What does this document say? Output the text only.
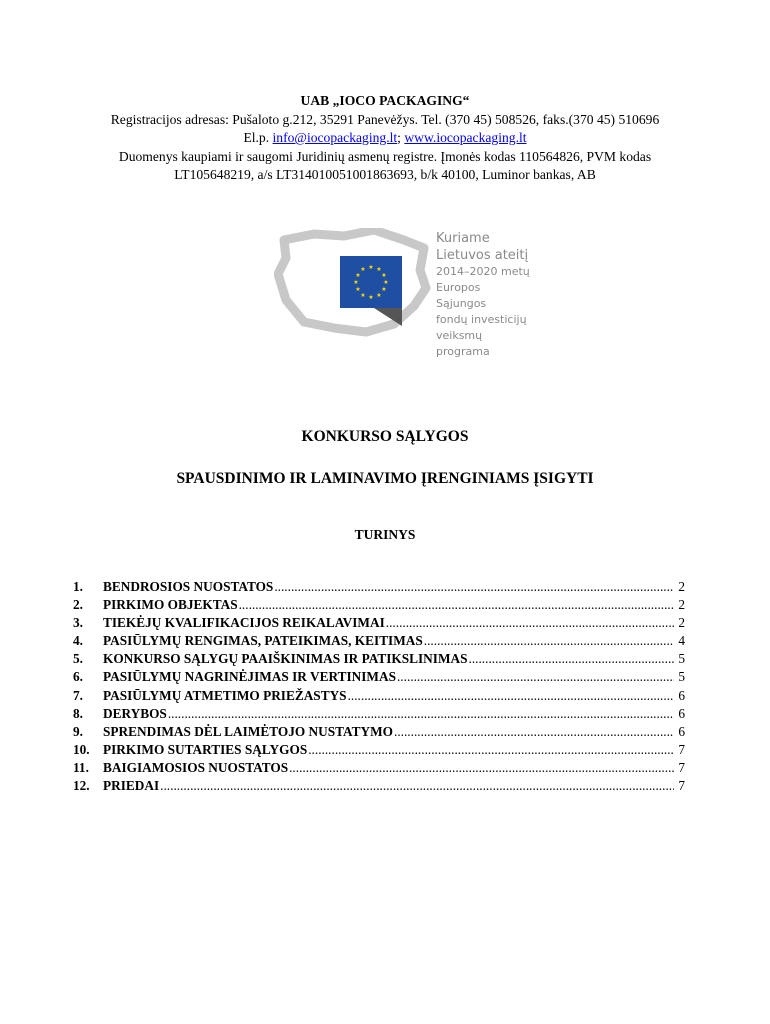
UAB „IOCO PACKAGING“
Registracijos adresas: Pušaloto g.212, 35291 Panevėžys. Tel. (370 45) 508526, faks.(370 45) 510696
El.p. info@iocopackaging.lt; www.iocopackaging.lt
Duomenys kaupiami ir saugomi Juridinių asmenų registre. Įmonės kodas 110564826, PVM kodas
LT105648219, a/s LT314010051001863693, b/k 40100, Luminor bankas, AB
★ ★
★
★
★
★
★
★
★
★
★
★
Kuriame
Lietuvos ateitį
2014–2020 metų
Europos Sąjungos
fondų investicijų
veiksmų programa
KONKURSO SĄLYGOS
SPAUSDINIMO IR LAMINAVIMO ĮRENGINIAMS ĮSIGYTI
TURINYS
1.	BENDROSIOS NUOSTATOS .....	2
2.	PIRKIMO OBJEKTAS .....	2
3.	TIEKĖJŲ KVALIFIKACIJOS REIKALAVIMAI .....	2
4.	PASIŪLYMŲ RENGIMAS, PATEIKIMAS, KEITIMAS .....	4
5.	KONKURSO SĄLYGŲ PAAIŠKINIMAS IR PATIKSLINIMAS .....	5
6.	PASIŪLYMŲ NAGRINĖJIMAS IR VERTINIMAS .....	5
7.	PASIŪLYMŲ ATMETIMO PRIEŽASTYS .....	6
8.	DERYBOS .....	6
9.	SPRENDIMAS DĖL LAIMĖTOJO NUSTATYMO .....	6
10.	PIRKIMO SUTARTIES SĄLYGOS .....	7
11.	BAIGIAMOSIOS NUOSTATOS .....	7
12.	PRIEDAI .....	7
